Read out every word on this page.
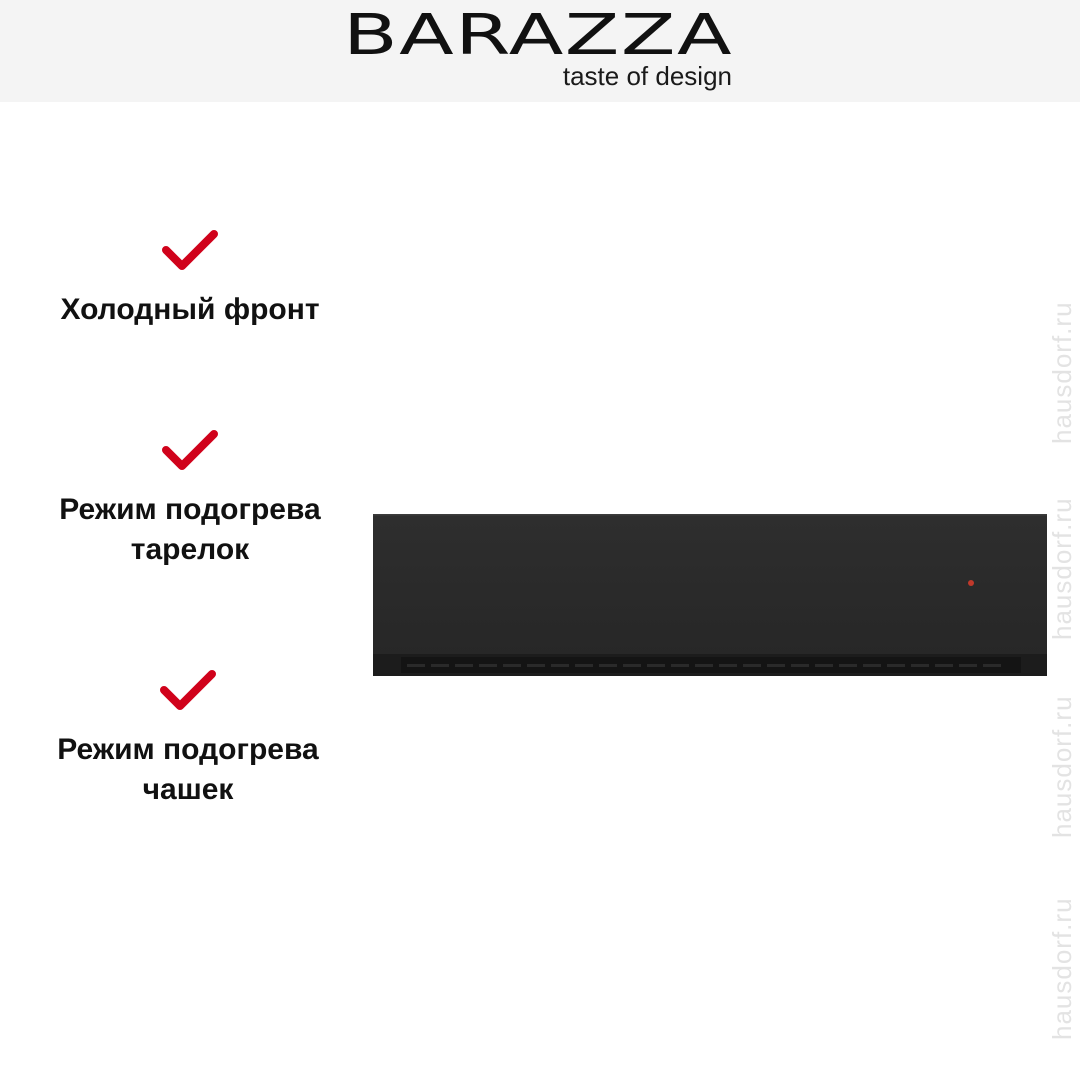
BARAZZA
taste of design
Холодный фронт
Режим подогрева
тарелок
Режим подогрева
чашек
hausdorf.ru
hausdorf.ru
hausdorf.ru
hausdorf.ru
